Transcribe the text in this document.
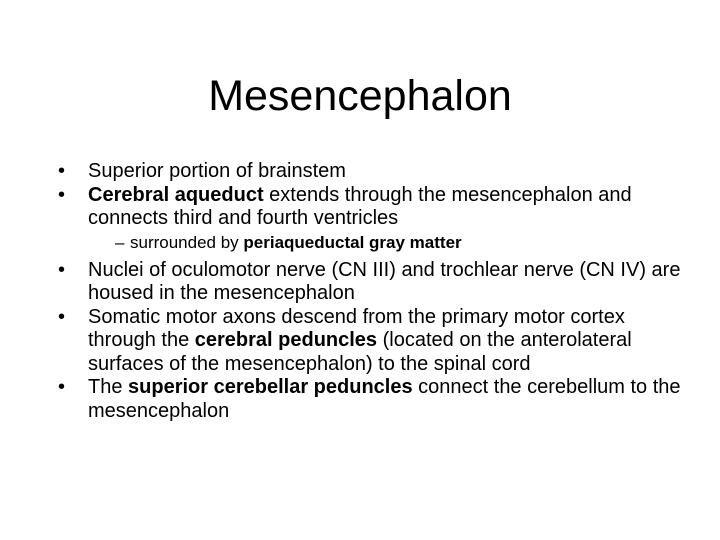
Mesencephalon
•	Superior portion of brainstem
•	Cerebral aqueduct extends through the mesencephalon and connects third and fourth ventricles
– surrounded by periaqueductal gray matter
•	Nuclei of oculomotor nerve (CN III) and trochlear nerve (CN IV) are housed in the mesencephalon
•	Somatic motor axons descend from the primary motor cortex through the cerebral peduncles (located on the anterolateral surfaces of the mesencephalon) to the spinal cord
•	The superior cerebellar peduncles connect the cerebellum to the mesencephalon
